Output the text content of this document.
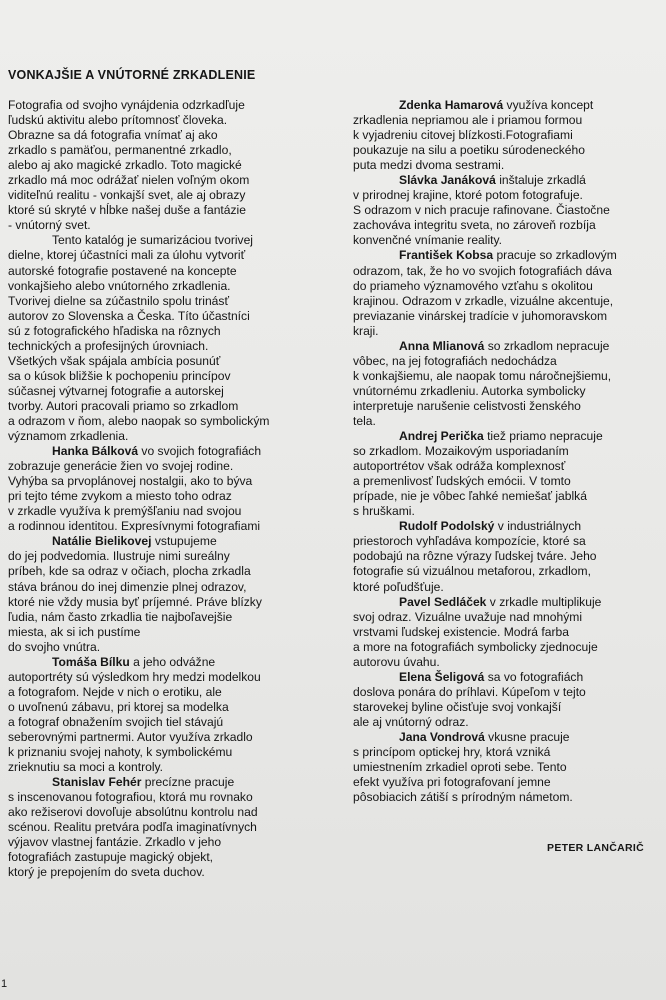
VONKAJŠIE A VNÚTORNÉ ZRKADLENIE

Fotografia od svojho vynájdenia odzrkadľuje

ľudskú aktivitu alebo prítomnosť človeka.

Obrazne sa dá fotografia vnímať aj ako

zrkadlo s pamäťou, permanentné zrkadlo,

alebo aj ako magické zrkadlo. Toto magické

zrkadlo má moc odrážať nielen voľným okom

viditeľnú realitu - vonkajší svet, ale aj obrazy

ktoré sú skryté v hĺbke našej duše a fantázie

- vnútorný svet.

Tento katalóg je sumarizáciou tvorivej

dielne, ktorej účastníci mali za úlohu vytvoriť

autorské fotografie postavené na koncepte

vonkajšieho alebo vnútorného zrkadlenia.

Tvorivej dielne sa zúčastnilo spolu trinásť

autorov zo Slovenska a Česka. Títo účastníci

sú z fotografického hľadiska na rôznych

technických a profesijných úrovniach.

Všetkých však spájala ambícia posunúť

sa o kúsok bližšie k pochopeniu princípov

súčasnej výtvarnej fotografie a autorskej

tvorby. Autori pracovali priamo so zrkadlom

a odrazom v ňom, alebo naopak so symbolickým

významom zrkadlenia.

Hanka Bálková vo svojich fotografiách

zobrazuje generácie žien vo svojej rodine.

Vyhýba sa prvoplánovej nostalgii, ako to býva

pri tejto téme zvykom a miesto toho odraz

v zrkadle využíva k premýšľaniu nad svojou

a rodinnou identitou. Expresívnymi fotografiami

Natálie Bielikovej vstupujeme

do jej podvedomia. Ilustruje nimi sureálny

príbeh, kde sa odraz v očiach, plocha zrkadla

stáva bránou do inej dimenzie plnej odrazov,

ktoré nie vždy musia byť príjemné. Práve blízky

ľudia, nám často zrkadlia tie najboľavejšie

miesta, ak si ich pustíme

do svojho vnútra.

Tomáša Bílku a jeho odvážne

autoportréty sú výsledkom hry medzi modelkou

a fotografom. Nejde v nich o erotiku, ale

o uvoľnenú zábavu, pri ktorej sa modelka

a fotograf obnažením svojich tiel stávajú

seberovnými partnermi. Autor využíva zrkadlo

k priznaniu svojej nahoty, k symbolickému

zrieknutiu sa moci a kontroly.

Stanislav Fehér precízne pracuje

s inscenovanou fotografiou, ktorá mu rovnako

ako režiserovi dovoľuje absolútnu kontrolu nad

scénou. Realitu pretvára podľa imaginatívnych

výjavov vlastnej fantázie. Zrkadlo v jeho

fotografiách zastupuje magický objekt,

ktorý je prepojením do sveta duchov.

Zdenka Hamarová využíva koncept

zrkadlenia nepriamou ale i priamou formou

k vyjadreniu citovej blízkosti.Fotografiami

poukazuje na silu a poetiku súrodeneckého

puta medzi dvoma sestrami.

Slávka Janáková inštaluje zrkadlá

v prirodnej krajine, ktoré potom fotografuje.

S odrazom v nich pracuje rafinovane. Čiastočne

zachováva integritu sveta, no zároveň rozbíja

konvenčné vnímanie reality.

František Kobsa pracuje so zrkadlovým

odrazom, tak, že ho vo svojich fotografiách dáva

do priameho významového vzťahu s okolitou

krajinou. Odrazom v zrkadle, vizuálne akcentuje,

previazanie vinárskej tradície v juhomoravskom

kraji.

Anna Mlianová so zrkadlom nepracuje

vôbec, na jej fotografiách nedochádza

k vonkajšiemu, ale naopak tomu náročnejšiemu,

vnútornému zrkadleniu. Autorka symbolicky

interpretuje narušenie celistvosti ženského

tela.

Andrej Perička tiež priamo nepracuje

so zrkadlom. Mozaikovým usporiadaním

autoportrétov však odráža komplexnosť

a premenlivosť ľudských emócii. V tomto

prípade, nie je vôbec ľahké nemiešať jablká

s hruškami.

Rudolf Podolský v industriálnych

priestoroch vyhľadáva kompozície, ktoré sa

podobajú na rôzne výrazy ľudskej tváre. Jeho

fotografie sú vizuálnou metaforou, zrkadlom,

ktoré poľudšťuje.

Pavel Sedláček v zrkadle multiplikuje

svoj odraz. Vizuálne uvažuje nad mnohými

vrstvami ľudskej existencie. Modrá farba

a more na fotografiách symbolicky zjednocuje

autorovu úvahu.

Elena Šeligová sa vo fotografiách

doslova ponára do príhlavi. Kúpeľom v tejto

starovekej byline očisťuje svoj vonkajší

ale aj vnútorný odraz.

Jana Vondrová vkusne pracuje

s princípom optickej hry, ktorá vzniká

umiestnením zrkadiel oproti sebe. Tento

efekt využíva pri fotografovaní jemne

pôsobiacich zátiší s prírodným námetom.

PETER LANČARIČ
1
